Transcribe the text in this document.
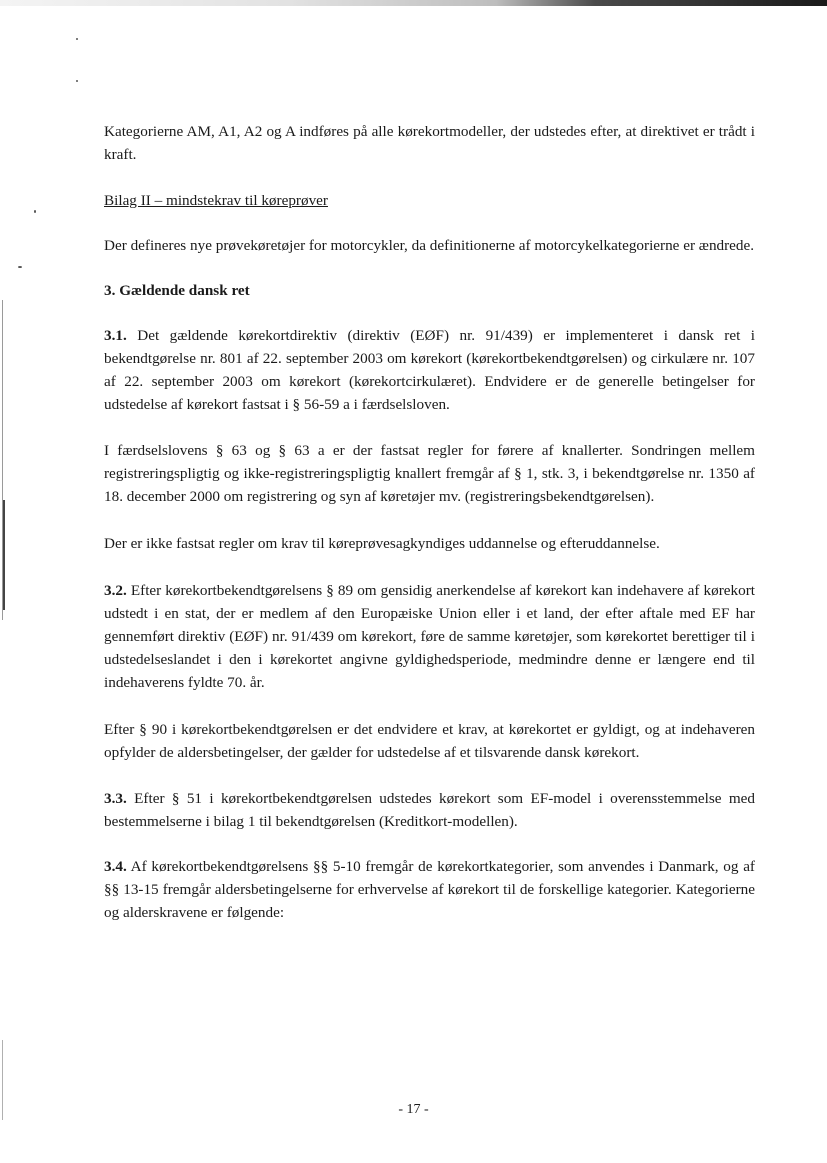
Kategorierne AM, A1, A2 og A indføres på alle kørekortmodeller, der udstedes efter, at direktivet er trådt i kraft.

Bilag II – mindstekrav til køreprøver

Der defineres nye prøvekøretøjer for motorcykler, da definitionerne af motorcykelkategorierne er ændrede.

3. Gældende dansk ret

3.1. Det gældende kørekortdirektiv (direktiv (EØF) nr. 91/439) er implementeret i dansk ret i bekendtgørelse nr. 801 af 22. september 2003 om kørekort (kørekortbekendtgørelsen) og cirkulære nr. 107 af 22. september 2003 om kørekort (kørekortcirkulæret). Endvidere er de generelle betingelser for udstedelse af kørekort fastsat i § 56-59 a i færdselsloven.

I færdselslovens § 63 og § 63 a er der fastsat regler for førere af knallerter. Sondringen mellem registreringspligtig og ikke-registreringspligtig knallert fremgår af § 1, stk. 3, i bekendtgørelse nr. 1350 af 18. december 2000 om registrering og syn af køretøjer mv. (registreringsbekendtgørelsen).

Der er ikke fastsat regler om krav til køreprøvesagkyndiges uddannelse og efteruddannelse.

3.2. Efter kørekortbekendtgørelsens § 89 om gensidig anerkendelse af kørekort kan indehavere af kørekort udstedt i en stat, der er medlem af den Europæiske Union eller i et land, der efter aftale med EF har gennemført direktiv (EØF) nr. 91/439 om kørekort, føre de samme køretøjer, som kørekortet berettiger til i udstedelseslandet i den i kørekortet angivne gyldighedsperiode, medmindre denne er længere end til indehaverens fyldte 70. år.

Efter § 90 i kørekortbekendtgørelsen er det endvidere et krav, at kørekortet er gyldigt, og at indehaveren opfylder de aldersbetingelser, der gælder for udstedelse af et tilsvarende dansk kørekort.

3.3. Efter § 51 i kørekortbekendtgørelsen udstedes kørekort som EF-model i overensstemmelse med bestemmelserne i bilag 1 til bekendtgørelsen (Kreditkort-modellen).

3.4. Af kørekortbekendtgørelsens §§ 5-10 fremgår de kørekortkategorier, som anvendes i Danmark, og af §§ 13-15 fremgår aldersbetingelserne for erhvervelse af kørekort til de forskellige kategorier. Kategorierne og alderskravene er følgende:

- 17 -
